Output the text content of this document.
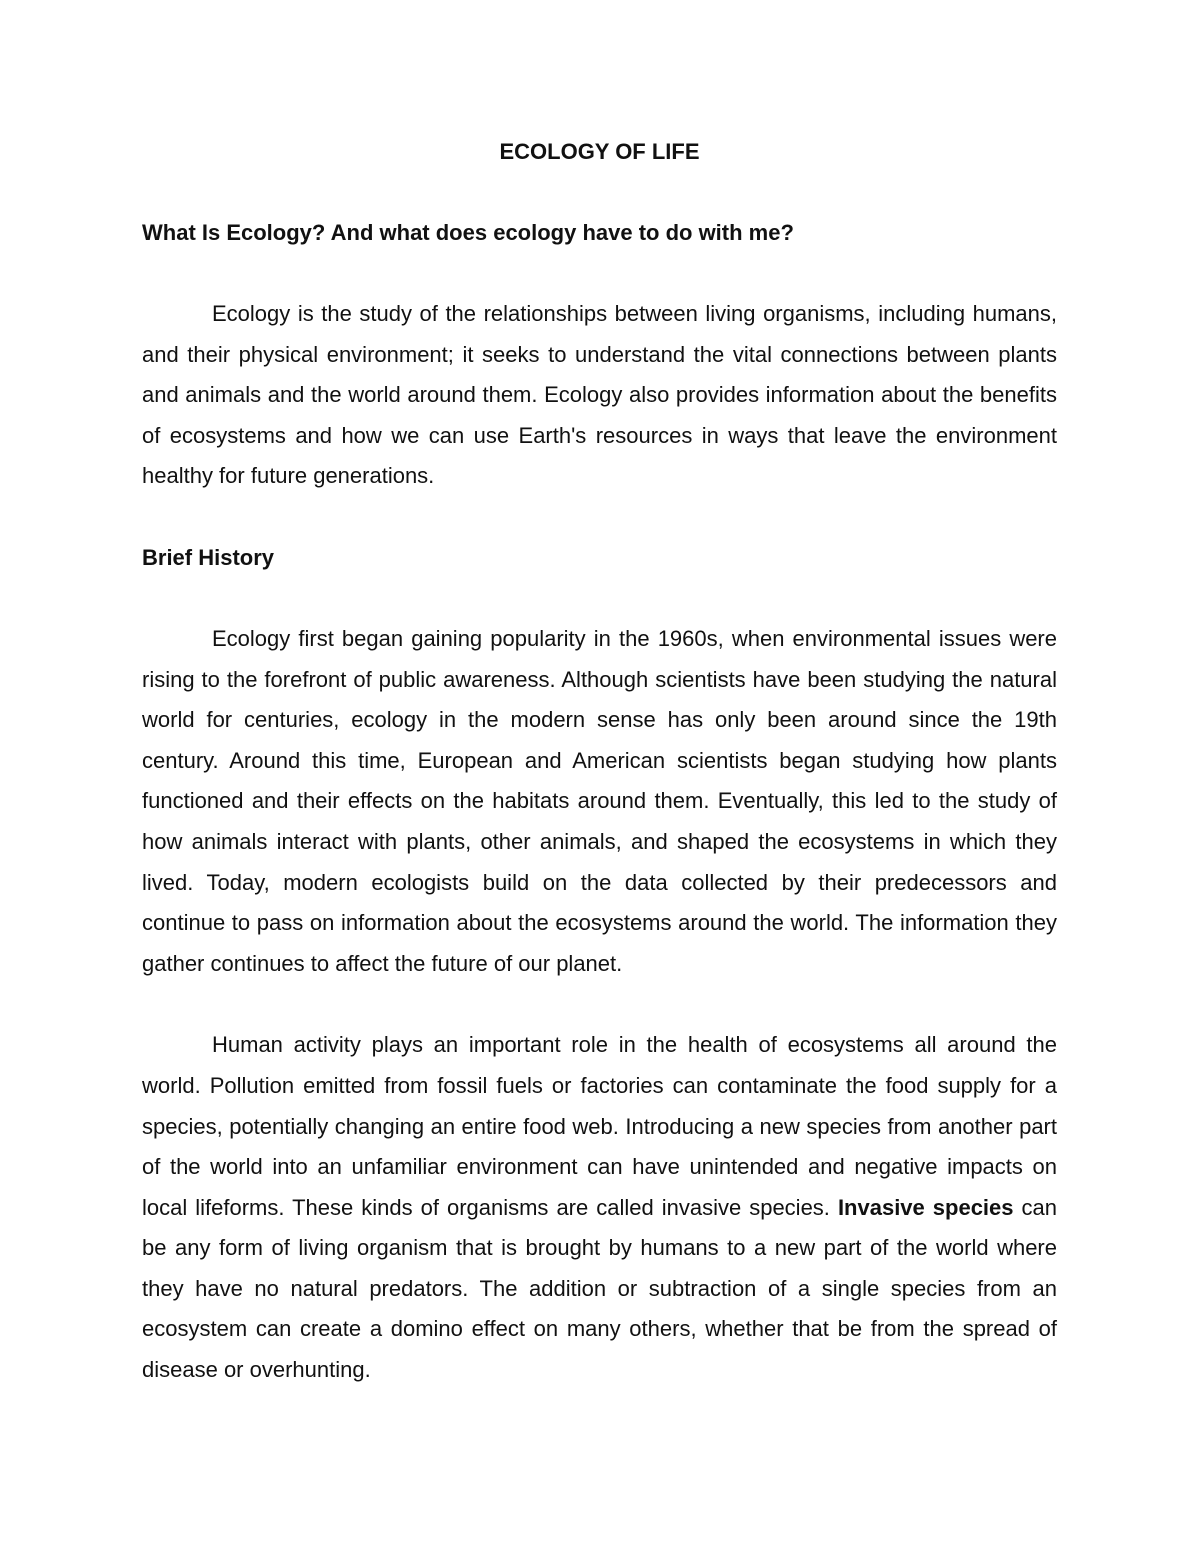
ECOLOGY OF LIFE
What Is Ecology? And what does ecology have to do with me?

Ecology is the study of the relationships between living organisms, including humans, and their physical environment; it seeks to understand the vital connections between plants and animals and the world around them. Ecology also provides information about the benefits of ecosystems and how we can use Earth's resources in ways that leave the environment healthy for future generations.

Brief History

Ecology first began gaining popularity in the 1960s, when environmental issues were rising to the forefront of public awareness. Although scientists have been studying the natural world for centuries, ecology in the modern sense has only been around since the 19th century. Around this time, European and American scientists began studying how plants functioned and their effects on the habitats around them. Eventually, this led to the study of how animals interact with plants, other animals, and shaped the ecosystems in which they lived. Today, modern ecologists build on the data collected by their predecessors and continue to pass on information about the ecosystems around the world. The information they gather continues to affect the future of our planet.

Human activity plays an important role in the health of ecosystems all around the world. Pollution emitted from fossil fuels or factories can contaminate the food supply for a species, potentially changing an entire food web. Introducing a new species from another part of the world into an unfamiliar environment can have unintended and negative impacts on local lifeforms. These kinds of organisms are called invasive species. Invasive species can be any form of living organism that is brought by humans to a new part of the world where they have no natural predators. The addition or subtraction of a single species from an ecosystem can create a domino effect on many others, whether that be from the spread of disease or overhunting.
